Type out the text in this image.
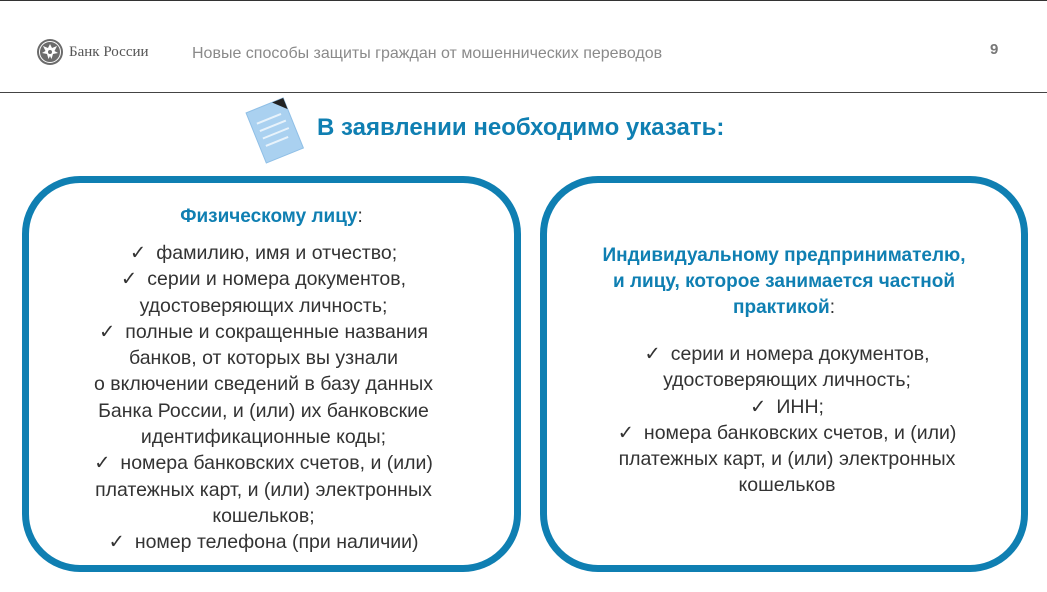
Банк России	Новые способы защиты граждан от мошеннических переводов	9
В заявлении необходимо указать:
Физическому лицу:
✓ фамилию, имя и отчество;
✓ серии и номера документов,
удостоверяющих личность;
✓ полные и сокращенные названия
банков, от которых вы узнали
о включении сведений в базу данных
Банка России, и (или) их банковские
идентификационные коды;
✓ номера банковских счетов, и (или)
платежных карт, и (или) электронных
кошельков;
✓ номер телефона (при наличии)
Индивидуальному предпринимателю,
и лицу, которое занимается частной
практикой:
✓ серии и номера документов,
удостоверяющих личность;
✓ ИНН;
✓ номера банковских счетов, и (или)
платежных карт, и (или) электронных
кошельков
